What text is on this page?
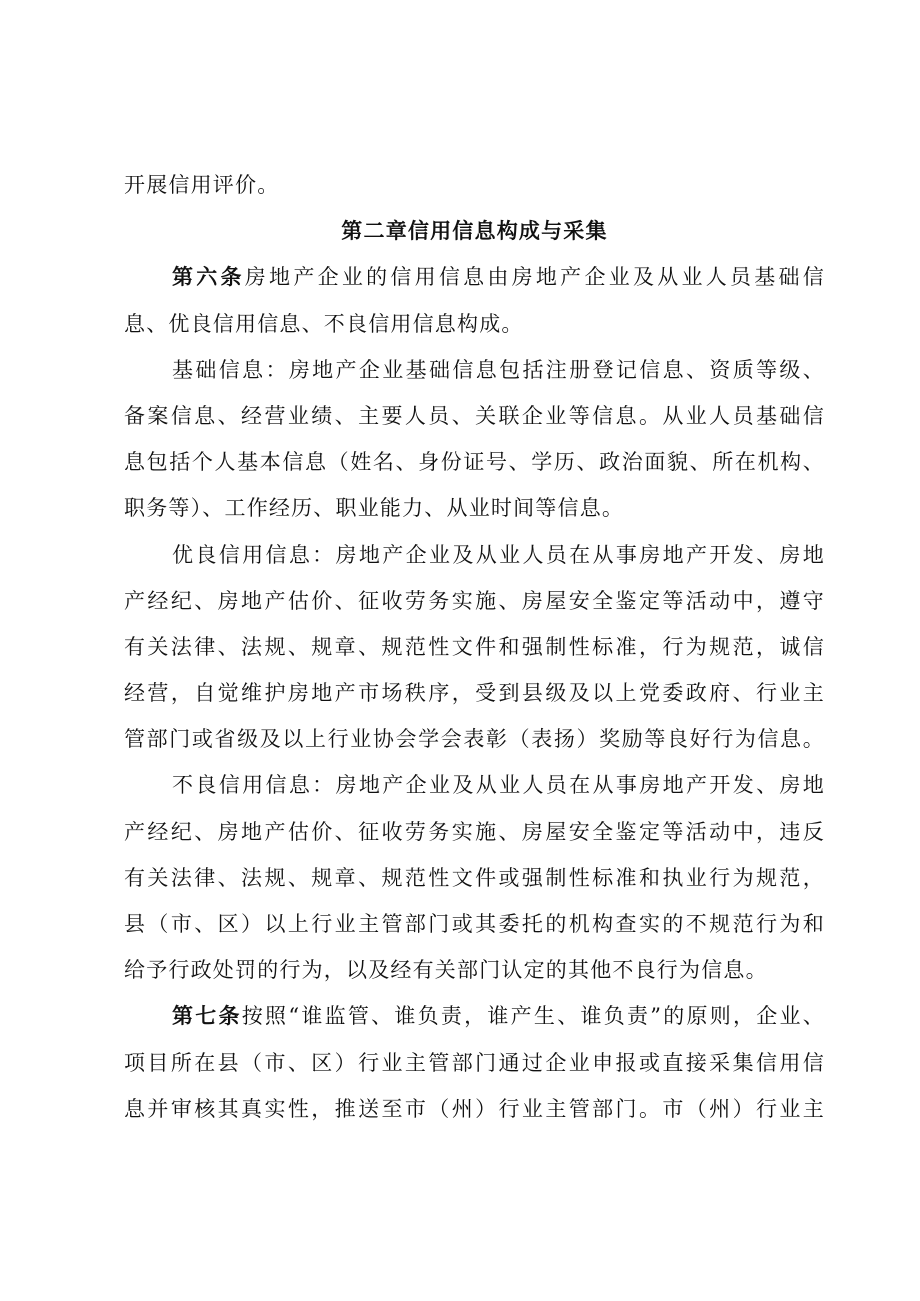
开展信用评价。
第二章信用信息构成与采集
第六条房地产企业的信用信息由房地产企业及从业人员基础信
息、优良信用信息、不良信用信息构成。
基础信息：房地产企业基础信息包括注册登记信息、资质等级、
备案信息、经营业绩、主要人员、关联企业等信息。从业人员基础信
息包括个人基本信息（姓名、身份证号、学历、政治面貌、所在机构、
职务等）、工作经历、职业能力、从业时间等信息。
优良信用信息：房地产企业及从业人员在从事房地产开发、房地
产经纪、房地产估价、征收劳务实施、房屋安全鉴定等活动中，遵守
有关法律、法规、规章、规范性文件和强制性标准，行为规范，诚信
经营，自觉维护房地产市场秩序，受到县级及以上党委政府、行业主
管部门或省级及以上行业协会学会表彰（表扬）奖励等良好行为信息。
不良信用信息：房地产企业及从业人员在从事房地产开发、房地
产经纪、房地产估价、征收劳务实施、房屋安全鉴定等活动中，违反
有关法律、法规、规章、规范性文件或强制性标准和执业行为规范，
县（市、区）以上行业主管部门或其委托的机构查实的不规范行为和
给予行政处罚的行为，以及经有关部门认定的其他不良行为信息。
第七条按照“谁监管、谁负责，谁产生、谁负责”的原则，企业、
项目所在县（市、区）行业主管部门通过企业申报或直接采集信用信
息并审核其真实性，推送至市（州）行业主管部门。市（州）行业主
